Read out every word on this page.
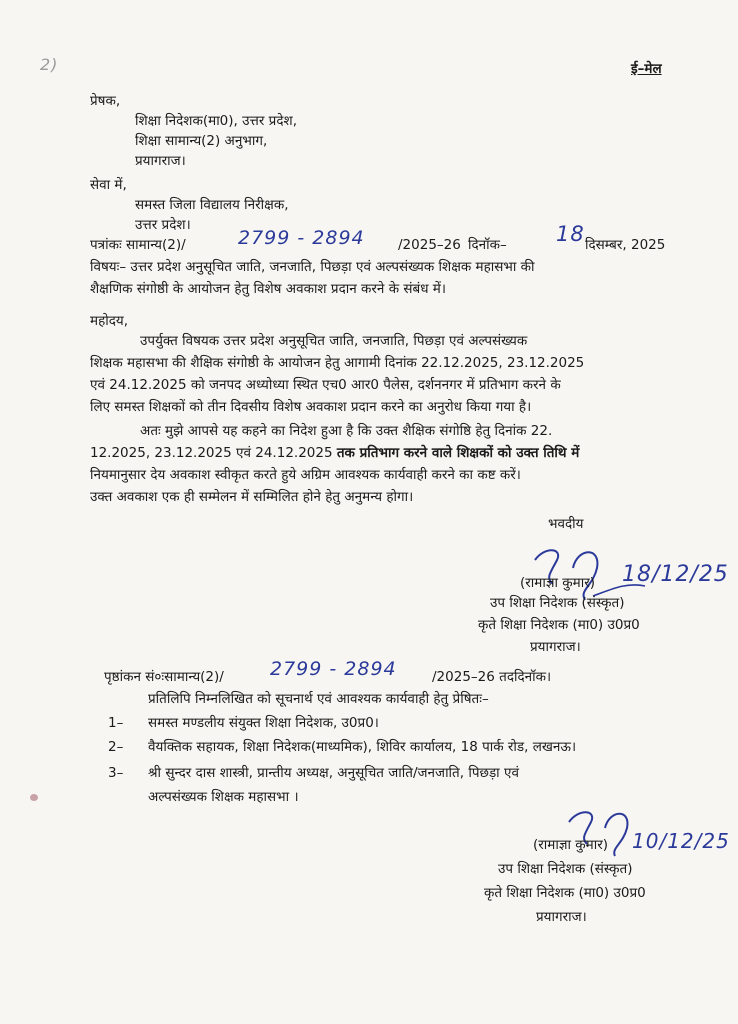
2)	ई–मेल
प्रेषक,
शिक्षा निदेशक(मा0), उत्तर प्रदेश,
शिक्षा सामान्य(2) अनुभाग,
प्रयागराज।
सेवा में,
समस्त जिला विद्यालय निरीक्षक,
उत्तर प्रदेश।
पत्रांकः सामान्य(2)/	2799 - 2894 /2025–26 दिनॉक– 18 दिसम्बर, 2025
विषयः– उत्तर प्रदेश अनुसूचित जाति, जनजाति, पिछड़ा एवं अल्पसंख्यक शिक्षक महासभा की
शैक्षणिक संगोष्ठी के आयोजन हेतु विशेष अवकाश प्रदान करने के संबंध में।
महोदय,
उपर्युक्त विषयक उत्तर प्रदेश अनुसूचित जाति, जनजाति, पिछड़ा एवं अल्पसंख्यक
शिक्षक महासभा की शैक्षिक संगोष्ठी के आयोजन हेतु आगामी दिनांक 22.12.2025, 23.12.2025
एवं 24.12.2025 को जनपद अध्योध्या स्थित एच0 आर0 पैलेस, दर्शननगर में प्रतिभाग करने के
लिए समस्त शिक्षकों को तीन दिवसीय विशेष अवकाश प्रदान करने का अनुरोध किया गया है।
अतः मुझे आपसे यह कहने का निदेश हुआ है कि उक्त शैक्षिक संगोष्ठि हेतु दिनांक 22.
12.2025, 23.12.2025 एवं 24.12.2025 तक प्रतिभाग करने वाले शिक्षकों को उक्त तिथि में
नियमानुसार देय अवकाश स्वीकृत करते हुये अग्रिम आवश्यक कार्यवाही करने का कष्ट करें।
उक्त अवकाश एक ही सम्मेलन में सम्मिलित होने हेतु अनुमन्य होगा।
भवदीय
18/12/25
(रामाज्ञा कुमार)
उप शिक्षा निदेशक (संस्कृत)
कृते शिक्षा निदेशक (मा0) उ0प्र0
प्रयागराज।
पृष्ठांकन सं०ःसामान्य(2)/ 2799 - 2894	/2025–26 तददिनॉक।
प्रतिलिपि निम्नलिखित को सूचनार्थ एवं आवश्यक कार्यवाही हेतु प्रेषितः–
1– समस्त मण्डलीय संयुक्त शिक्षा निदेशक, उ0प्र0।
2– वैयक्तिक सहायक, शिक्षा निदेशक(माध्यमिक), शिविर कार्यालय, 18 पार्क रोड, लखनऊ।
3– श्री सुन्दर दास शास्त्री, प्रान्तीय अध्यक्ष, अनुसूचित जाति/जनजाति, पिछड़ा एवं
अल्पसंख्यक शिक्षक महासभा ।
10/12/25
(रामाज्ञा कुमार)
उप शिक्षा निदेशक (संस्कृत)
कृते शिक्षा निदेशक (मा0) उ0प्र0
प्रयागराज।
